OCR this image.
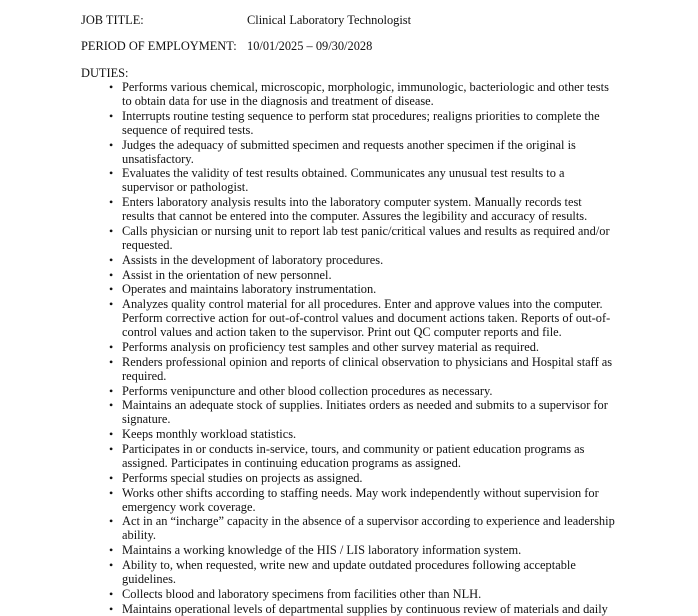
JOB TITLE:	Clinical Laboratory Technologist
PERIOD OF EMPLOYMENT: 10/01/2025 – 09/30/2028
DUTIES:
• Performs various chemical, microscopic, morphologic, immunologic, bacteriologic and other tests to obtain data for use in the diagnosis and treatment of disease.
• Interrupts routine testing sequence to perform stat procedures; realigns priorities to complete the sequence of required tests.
• Judges the adequacy of submitted specimen and requests another specimen if the original is unsatisfactory.
• Evaluates the validity of test results obtained. Communicates any unusual test results to a supervisor or pathologist.
• Enters laboratory analysis results into the laboratory computer system. Manually records test results that cannot be entered into the computer. Assures the legibility and accuracy of results.
• Calls physician or nursing unit to report lab test panic/critical values and results as required and/or requested.
• Assists in the development of laboratory procedures.
• Assist in the orientation of new personnel.
• Operates and maintains laboratory instrumentation.
• Analyzes quality control material for all procedures. Enter and approve values into the computer. Perform corrective action for out-of-control values and document actions taken. Reports of out-of-control values and action taken to the supervisor. Print out QC computer reports and file.
• Performs analysis on proficiency test samples and other survey material as required.
• Renders professional opinion and reports of clinical observation to physicians and Hospital staff as required.
• Performs venipuncture and other blood collection procedures as necessary.
• Maintains an adequate stock of supplies. Initiates orders as needed and submits to a supervisor for signature.
• Keeps monthly workload statistics.
• Participates in or conducts in-service, tours, and community or patient education programs as assigned. Participates in continuing education programs as assigned.
• Performs special studies on projects as assigned.
• Works other shifts according to staffing needs. May work independently without supervision for emergency work coverage.
• Act in an “incharge” capacity in the absence of a supervisor according to experience and leadership ability.
• Maintains a working knowledge of the HIS / LIS laboratory information system.
• Ability to, when requested, write new and update outdated procedures following acceptable guidelines.
• Collects blood and laboratory specimens from facilities other than NLH.
• Maintains operational levels of departmental supplies by continuous review of materials and daily
